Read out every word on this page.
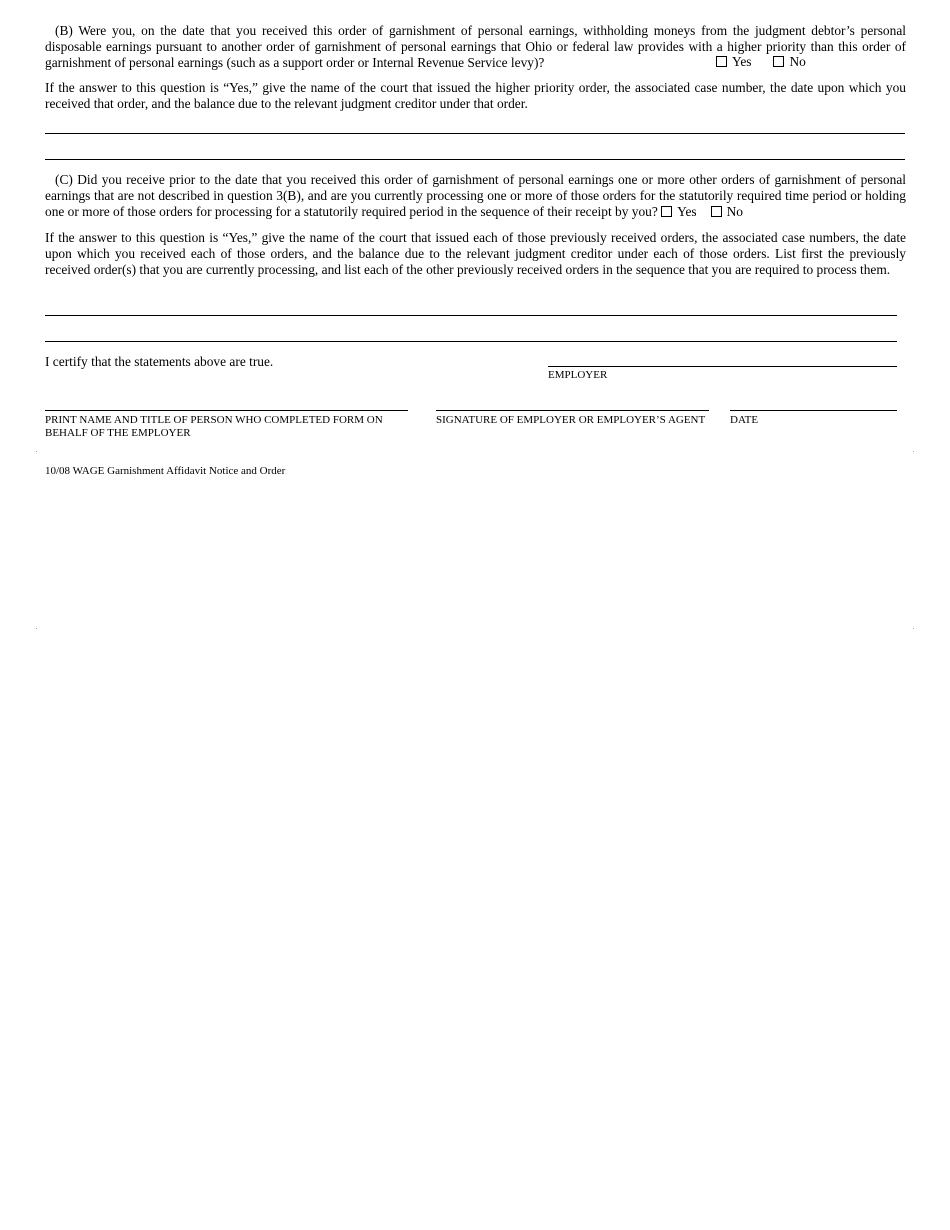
(B) Were you, on the date that you received this order of garnishment of personal earnings, withholding moneys from the judgment debtor’s personal disposable earnings pursuant to another order of garnishment of personal earnings that Ohio or federal law provides with a higher priority than this order of garnishment of personal earnings (such as a support order or Internal Revenue Service levy)?	Yes	No

If the answer to this question is “Yes,” give the name of the court that issued the higher priority order, the associated case number, the date upon which you received that order, and the balance due to the relevant judgment creditor under that order.

(C) Did you receive prior to the date that you received this order of garnishment of personal earnings one or more other orders of garnishment of personal earnings that are not described in question 3(B), and are you currently processing one or more of those orders for the statutorily required time period or holding one or more of those orders for processing for a statutorily required period in the sequence of their receipt by you? Yes No

If the answer to this question is “Yes,” give the name of the court that issued each of those previously received orders, the associated case numbers, the date upon which you received each of those orders, and the balance due to the relevant judgment creditor under each of those orders. List first the previously received order(s) that you are currently processing, and list each of the other previously received orders in the sequence that you are required to process them.

I certify that the statements above are true.

EMPLOYER

PRINT NAME AND TITLE OF PERSON WHO COMPLETED FORM ON BEHALF OF THE EMPLOYER

SIGNATURE OF EMPLOYER OR EMPLOYER’S AGENT	DATE

10/08 WAGE Garnishment Affidavit Notice and Order
